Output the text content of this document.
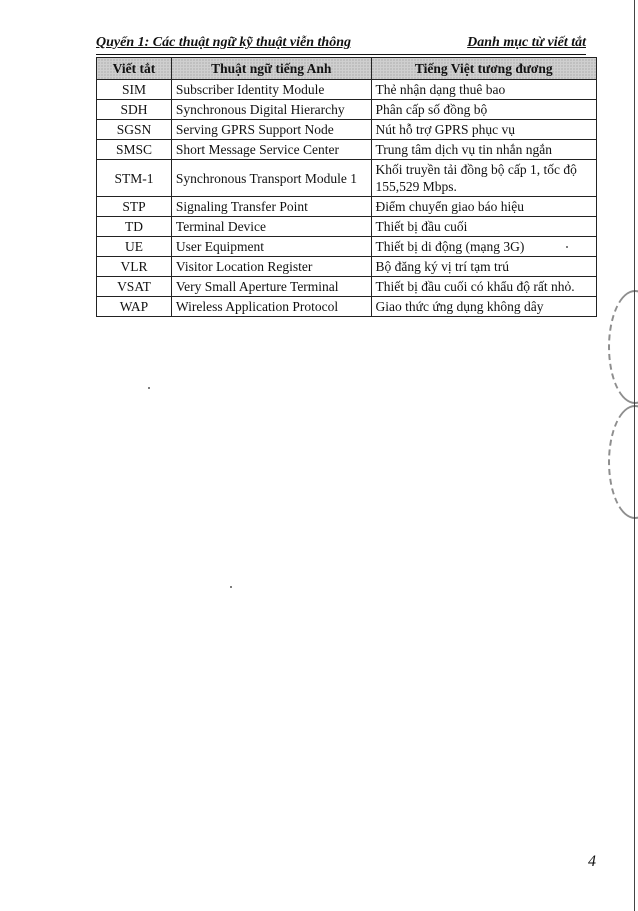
Quyển 1: Các thuật ngữ kỹ thuật viễn thông	Danh mục từ viết tắt
Viết tắt	Thuật ngữ tiếng Anh	Tiếng Việt tương đương
SIM	Subscriber Identity Module	Thẻ nhận dạng thuê bao
SDH	Synchronous Digital Hierarchy	Phân cấp số đồng bộ
SGSN	Serving GPRS Support Node	Nút hỗ trợ GPRS phục vụ
SMSC	Short Message Service Center	Trung tâm dịch vụ tin nhắn ngắn
STM-1	Synchronous Transport Module 1	Khối truyền tải đồng bộ cấp 1, tốc độ 155,529 Mbps.
STP	Signaling Transfer Point	Điểm chuyển giao báo hiệu
TD	Terminal Device	Thiết bị đầu cuối
UE	User Equipment	Thiết bị di động (mạng 3G)
VLR	Visitor Location Register	Bộ đăng ký vị trí tạm trú
VSAT	Very Small Aperture Terminal	Thiết bị đầu cuối có khẩu độ rất nhỏ.
WAP	Wireless Application Protocol	Giao thức ứng dụng không dây
4
